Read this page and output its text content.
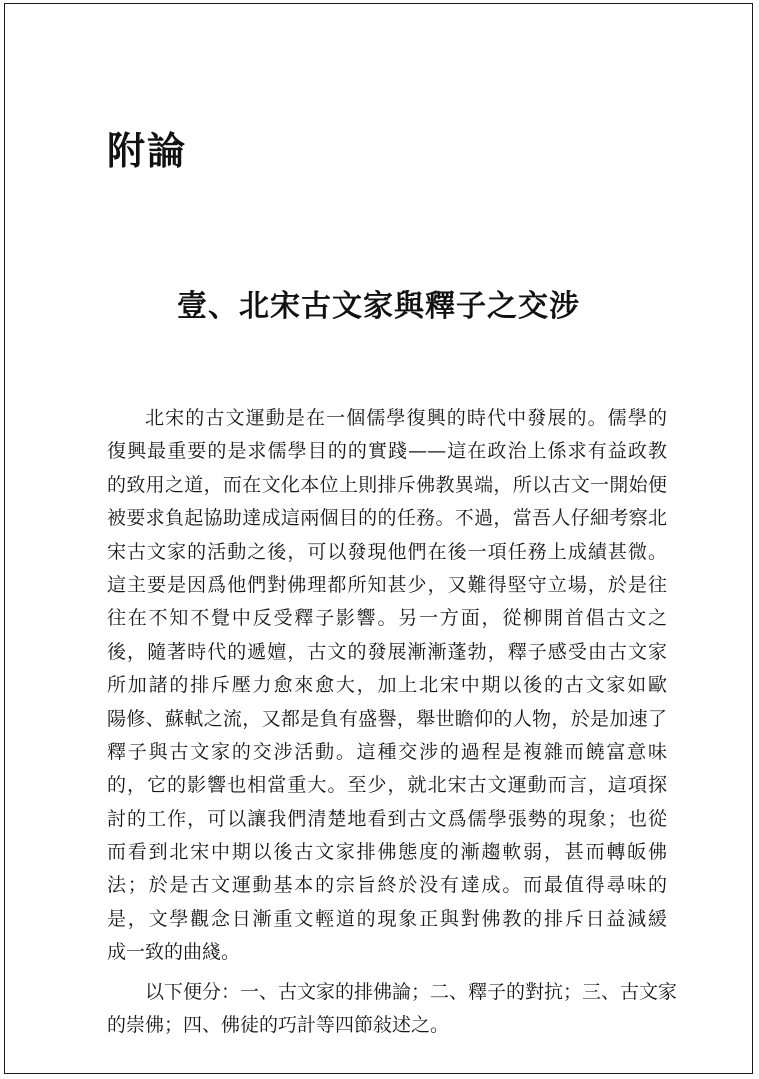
附論
壹、北宋古文家與釋子之交涉
北宋的古文運動是在一個儒學復興的時代中發展的。儒學的
復興最重要的是求儒學目的的實踐——這在政治上係求有益政教
的致用之道，而在文化本位上則排斥佛教異端，所以古文一開始便
被要求負起協助達成這兩個目的的任務。不過，當吾人仔細考察北
宋古文家的活動之後，可以發現他們在後一項任務上成績甚微。
這主要是因爲他們對佛理都所知甚少，又難得堅守立場，於是往
往在不知不覺中反受釋子影響。另一方面，從柳開首倡古文之
後，隨著時代的遞嬗，古文的發展漸漸蓬勃，釋子感受由古文家
所加諸的排斥壓力愈來愈大，加上北宋中期以後的古文家如歐
陽修、蘇軾之流，又都是負有盛譽，舉世瞻仰的人物，於是加速了
釋子與古文家的交涉活動。這種交涉的過程是複雜而饒富意味
的，它的影響也相當重大。至少，就北宋古文運動而言，這項探
討的工作，可以讓我們清楚地看到古文爲儒學張勢的現象；也從
而看到北宋中期以後古文家排佛態度的漸趨軟弱，甚而轉皈佛
法；於是古文運動基本的宗旨終於没有達成。而最值得尋味的
是，文學觀念日漸重文輕道的現象正與對佛教的排斥日益減緩
成一致的曲綫。
以下便分：一、古文家的排佛論；二、釋子的對抗；三、古文家
的崇佛；四、佛徒的巧計等四節敍述之。
